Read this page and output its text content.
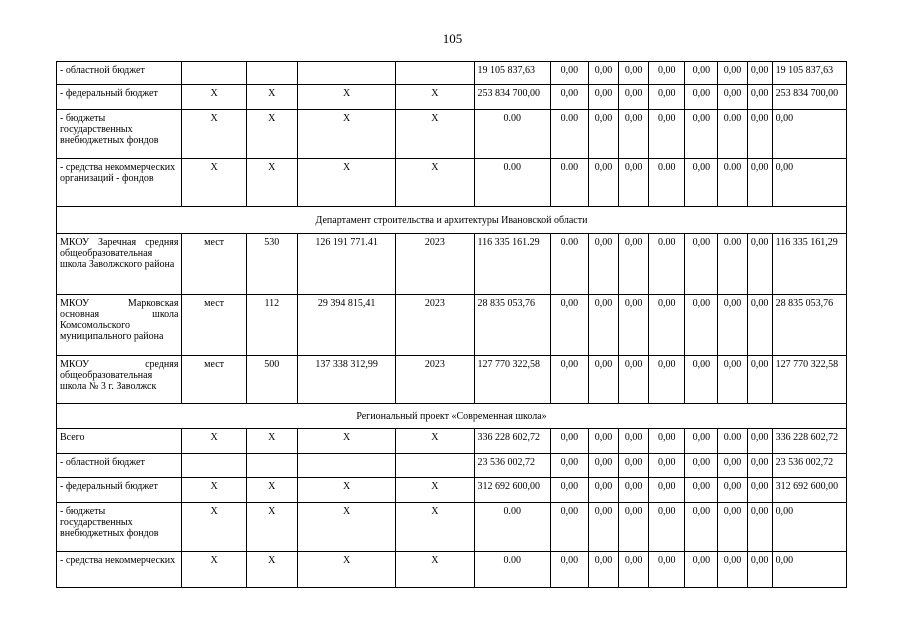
105
- областной бюджет					19 105 837,63	0,00	0,00	0,00	0,00	0,00	0,00	0,00	19 105 837,63
- федеральный бюджет	X	X	X	X	253 834 700,00	0,00	0,00	0,00	0,00	0,00	0,00	0,00	253 834 700,00
- бюджеты государственных внебюджетных фондов	X	X	X	X	0.00	0.00	0,00	0,00	0,00	0,00	0.00	0,00	0,00
- средства некоммерческих организаций - фондов	X	X	X	X	0.00	0.00	0,00	0,00	0.00	0,00	0.00	0,00	0,00
Департамент строительства и архитектуры Ивановской области													
МКОУ Заречная средняя общеобразовательная школа Заволжского района	мест	530	126 191 771.41	2023	116 335 161.29	0.00	0,00	0,00	0.00	0,00	0.00	0,00	116 335 161,29
МКОУ Марковская основная школа Комсомольского муниципального района	мест	112	29 394 815,41	2023	28 835 053,76	0,00	0,00	0,00	0,00	0,00	0,00	0,00	28 835 053,76
МКОУ средняя общеобразовательная школа № 3 г. Заволжск	мест	500	137 338 312,99	2023	127 770 322,58	0,00	0,00	0,00	0,00	0,00	0,00	0,00	127 770 322,58
Региональный проект «Современная школа»													
Всего	X	X	X	X	336 228 602,72	0,00	0,00	0,00	0,00	0,00	0.00	0,00	336 228 602,72
- областной бюджет					23 536 002,72	0,00	0,00	0,00	0,00	0,00	0,00	0,00	23 536 002,72
- федеральный бюджет	X	X	X	X	312 692 600,00	0,00	0,00	0,00	0,00	0,00	0,00	0,00	312 692 600,00
- бюджеты государственных внебюджетных фондов	X	X	X	X	0.00	0,00	0,00	0,00	0,00	0,00	0,00	0,00	0,00
- средства некоммерческих	X	X	X	X	0.00	0,00	0,00	0,00	0,00	0,00	0,00	0,00	0,00
